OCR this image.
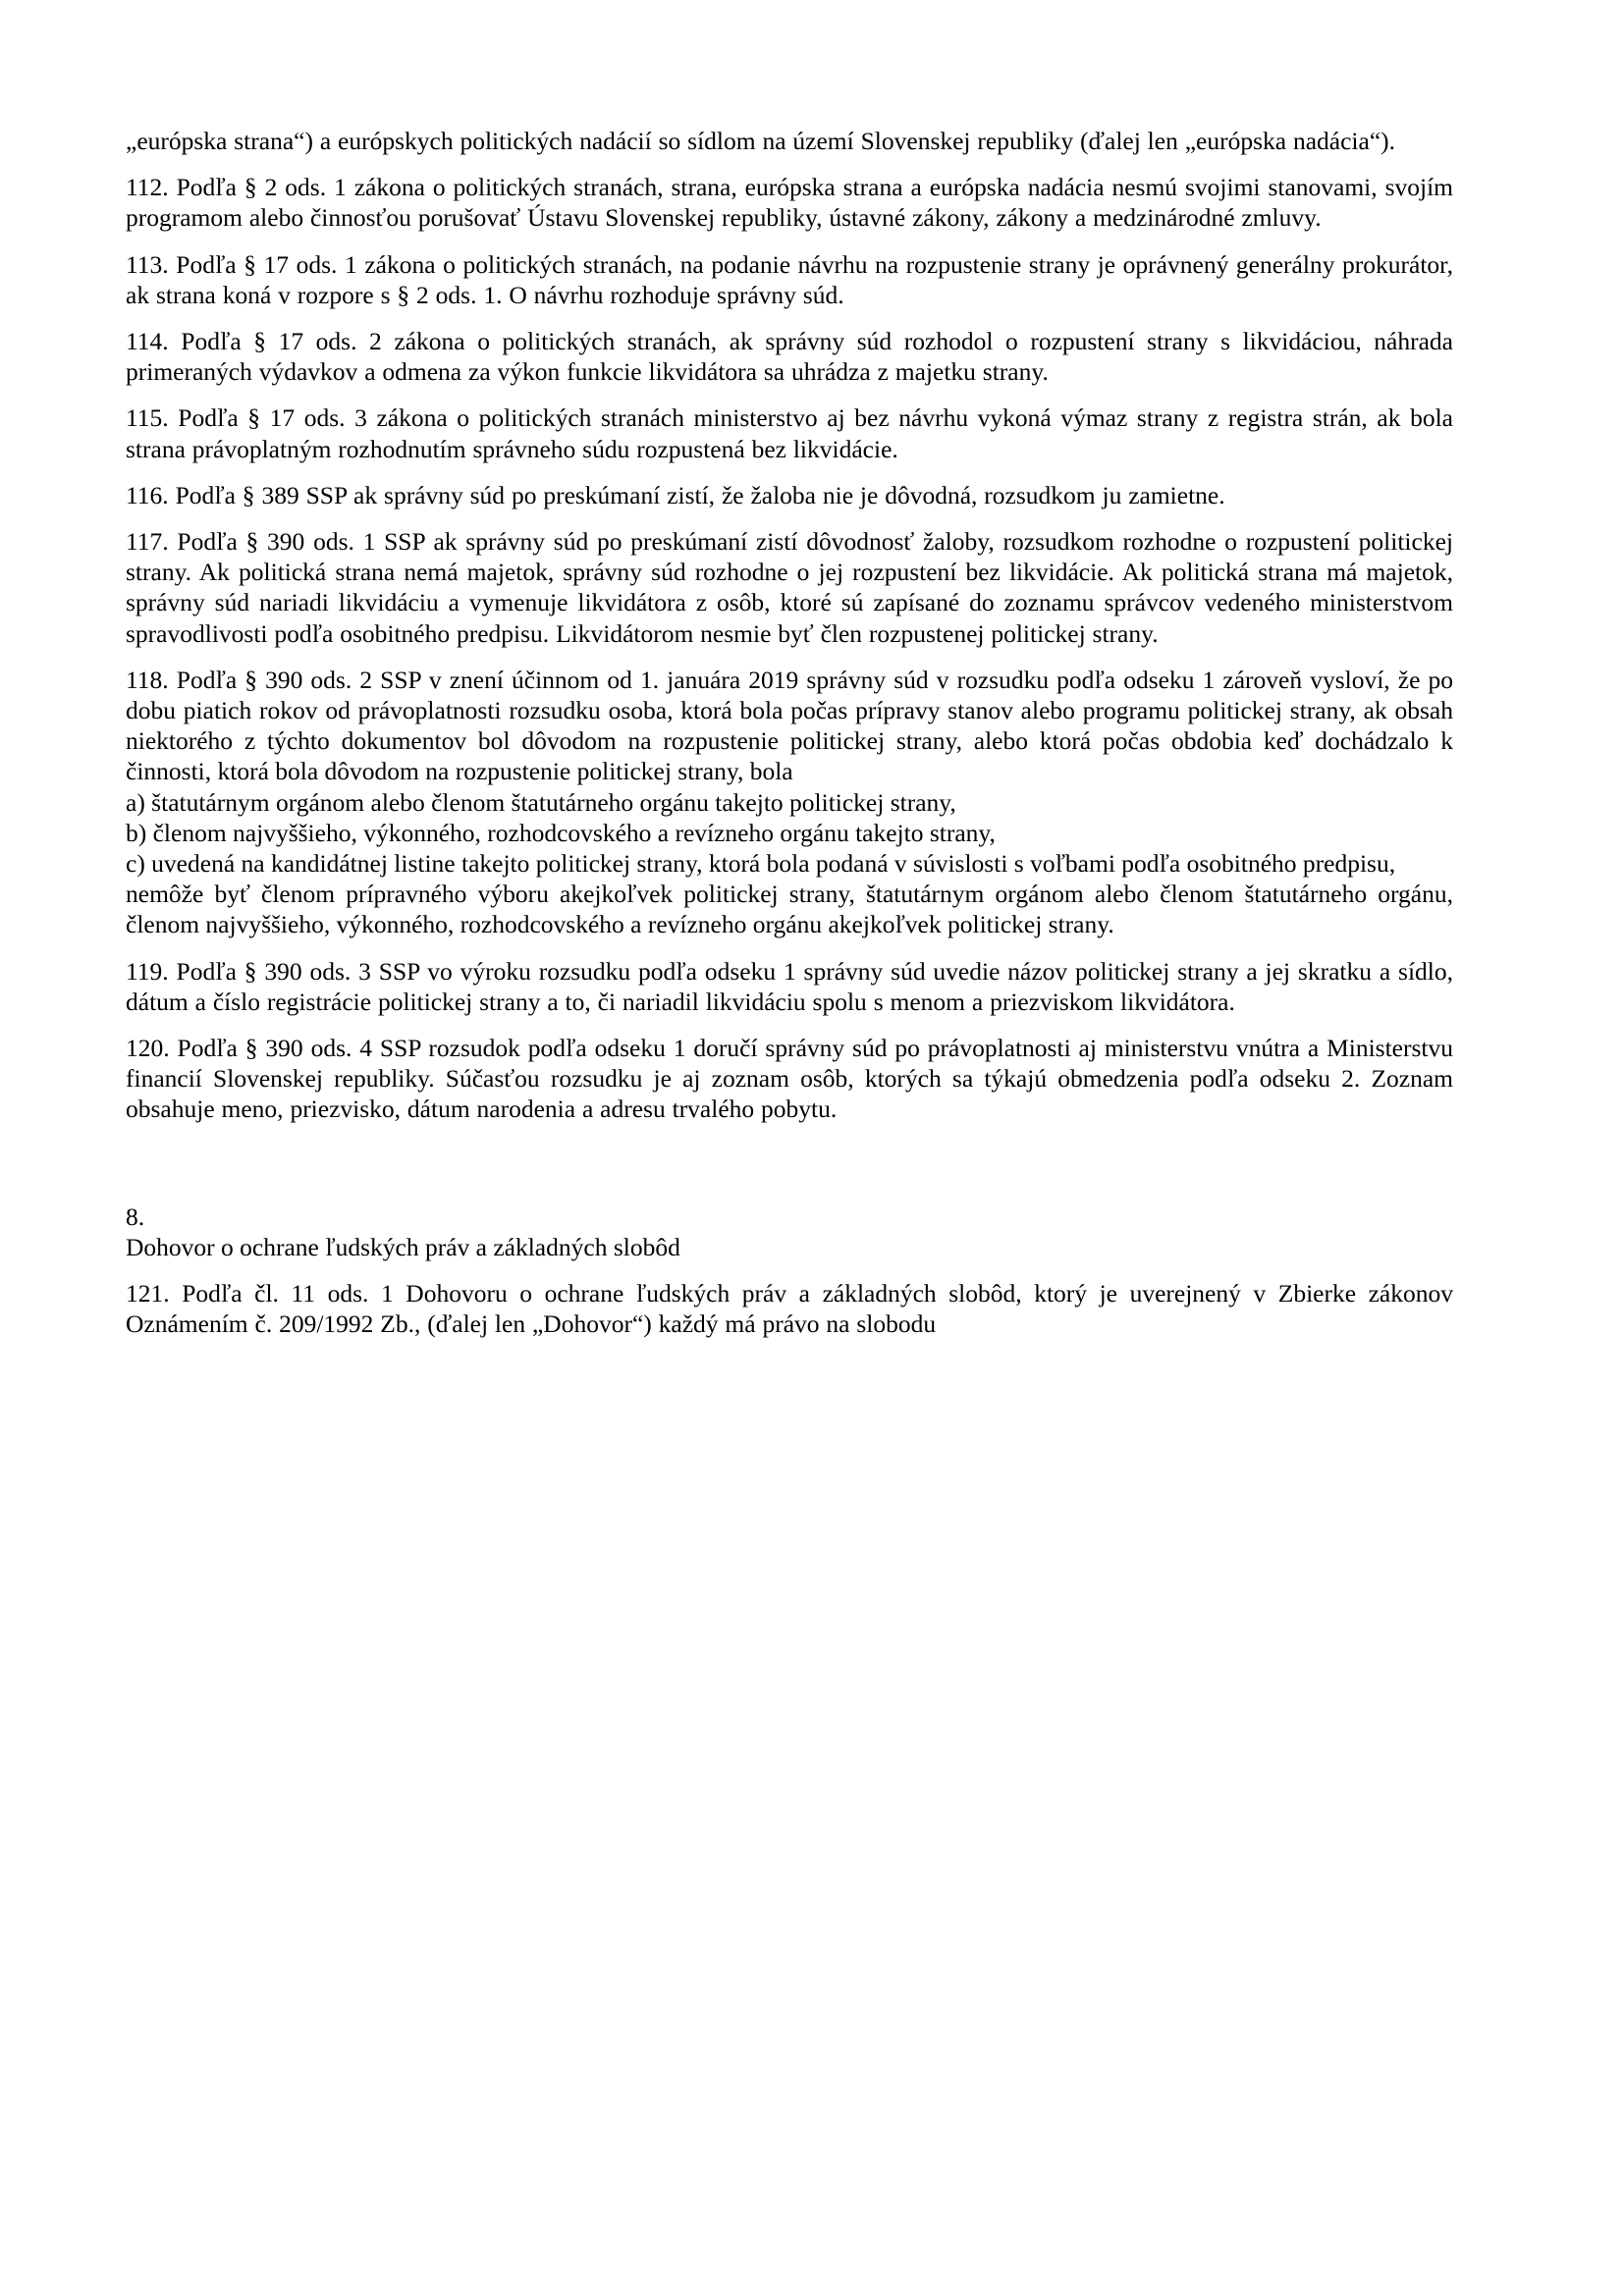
„európska strana“) a európskych politických nadácií so sídlom na území Slovenskej republiky (ďalej len „európska nadácia“).

112. Podľa § 2 ods. 1 zákona o politických stranách, strana, európska strana a európska nadácia nesmú svojimi stanovami, svojím programom alebo činnosťou porušovať Ústavu Slovenskej republiky, ústavné zákony, zákony a medzinárodné zmluvy.

113. Podľa § 17 ods. 1 zákona o politických stranách, na podanie návrhu na rozpustenie strany je oprávnený generálny prokurátor, ak strana koná v rozpore s § 2 ods. 1. O návrhu rozhoduje správny súd.

114. Podľa § 17 ods. 2 zákona o politických stranách, ak správny súd rozhodol o rozpustení strany s likvidáciou, náhrada primeraných výdavkov a odmena za výkon funkcie likvidátora sa uhrádza z majetku strany.

115. Podľa § 17 ods. 3 zákona o politických stranách ministerstvo aj bez návrhu vykoná výmaz strany z registra strán, ak bola strana právoplatným rozhodnutím správneho súdu rozpustená bez likvidácie.

116. Podľa § 389 SSP ak správny súd po preskúmaní zistí, že žaloba nie je dôvodná, rozsudkom ju zamietne.

117. Podľa § 390 ods. 1 SSP ak správny súd po preskúmaní zistí dôvodnosť žaloby, rozsudkom rozhodne o rozpustení politickej strany. Ak politická strana nemá majetok, správny súd rozhodne o jej rozpustení bez likvidácie. Ak politická strana má majetok, správny súd nariadi likvidáciu a vymenuje likvidátora z osôb, ktoré sú zapísané do zoznamu správcov vedeného ministerstvom spravodlivosti podľa osobitného predpisu. Likvidátorom nesmie byť člen rozpustenej politickej strany.

118. Podľa § 390 ods. 2 SSP v znení účinnom od 1. januára 2019 správny súd v rozsudku podľa odseku 1 zároveň vysloví, že po dobu piatich rokov od právoplatnosti rozsudku osoba, ktorá bola počas prípravy stanov alebo programu politickej strany, ak obsah niektorého z týchto dokumentov bol dôvodom na rozpustenie politickej strany, alebo ktorá počas obdobia keď dochádzalo k činnosti, ktorá bola dôvodom na rozpustenie politickej strany, bola
a) štatutárnym orgánom alebo členom štatutárneho orgánu takejto politickej strany,
b) členom najvyššieho, výkonného, rozhodcovského a revízneho orgánu takejto strany,
c) uvedená na kandidátnej listine takejto politickej strany, ktorá bola podaná v súvislosti s voľbami podľa osobitného predpisu,
nemôže byť členom prípravného výboru akejkoľvek politickej strany, štatutárnym orgánom alebo členom štatutárneho orgánu, členom najvyššieho, výkonného, rozhodcovského a revízneho orgánu akejkoľvek politickej strany.

119. Podľa § 390 ods. 3 SSP vo výroku rozsudku podľa odseku 1 správny súd uvedie názov politickej strany a jej skratku a sídlo, dátum a číslo registrácie politickej strany a to, či nariadil likvidáciu spolu s menom a priezviskom likvidátora.

120. Podľa § 390 ods. 4 SSP rozsudok podľa odseku 1 doručí správny súd po právoplatnosti aj ministerstvu vnútra a Ministerstvu financií Slovenskej republiky. Súčasťou rozsudku je aj zoznam osôb, ktorých sa týkajú obmedzenia podľa odseku 2. Zoznam obsahuje meno, priezvisko, dátum narodenia a adresu trvalého pobytu.

8.
Dohovor o ochrane ľudských práv a základných slobôd

121. Podľa čl. 11 ods. 1 Dohovoru o ochrane ľudských práv a základných slobôd, ktorý je uverejnený v Zbierke zákonov Oznámením č. 209/1992 Zb., (ďalej len „Dohovor“) každý má právo na slobodu
